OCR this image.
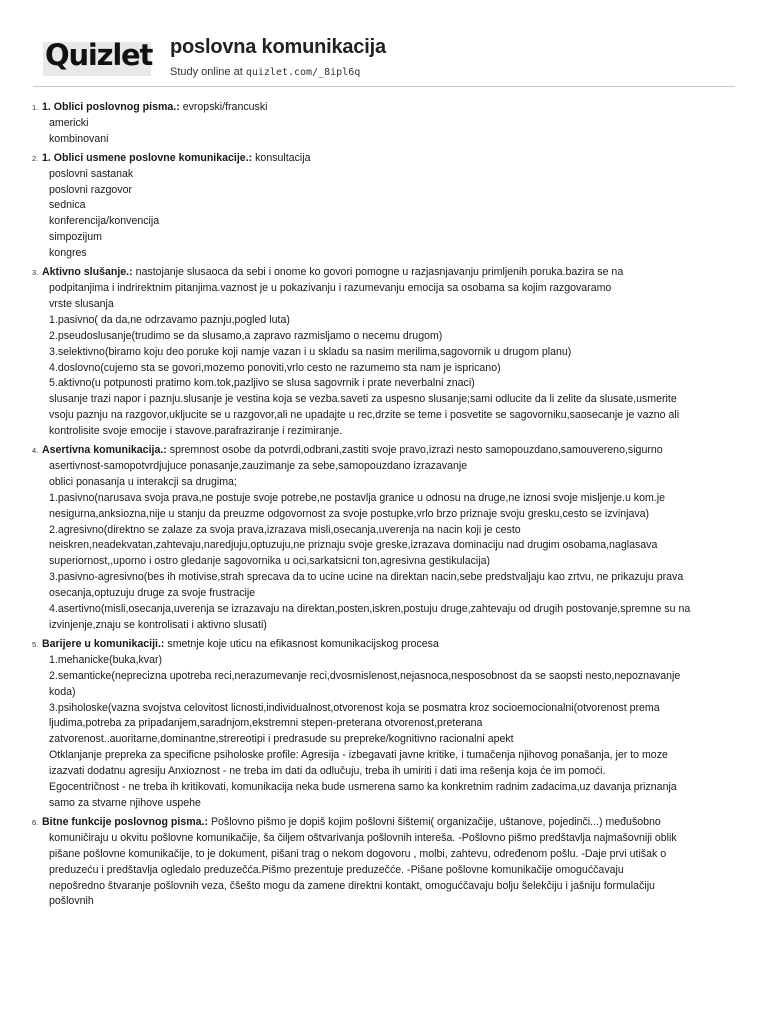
Quizlet poslovna komunikacija
Study online at quizlet.com/_8ipl6q
1. 1. Oblici poslovnog pisma.: evropski/francuski
americki
kombinovani
2. 1. Oblici usmene poslovne komunikacije.: konsultacija
poslovni sastanak
poslovni razgovor
sednica
konferencija/konvencija
simpozijum
kongres
3. Aktivno slušanje.: nastojanje slusaoca da sebi i onome ko govori pomogne u razjasnjavanju primljenih poruka.bazira se na
podpitanjima i indrirektnim pitanjima.vaznost je u pokazivanju i razumevanju emocija sa osobama sa kojim razgovaramo
vrste slusanja
1.pasivno( da da,ne odrzavamo paznju,pogled luta)
2.pseudoslusanje(trudimo se da slusamo,a zapravo razmisljamo o necemu drugom)
3.selektivno(biramo koju deo poruke koji namje vazan i u skladu sa nasim merilima,sagovornik u drugom planu)
4.doslovno(cujemo sta se govori,mozemo ponoviti,vrlo cesto ne razumemo sta nam je ispricano)
5.aktivno(u potpunosti pratimo kom.tok,pazljivo se slusa sagovrnik i prate neverbalni znaci)
slusanje trazi napor i paznju.slusanje je vestina koja se vezba.saveti za uspesno slusanje;sami odlucite da li zelite da slusate,usmerite
vsoju paznju na razgovor,ukljucite se u razgovor,ali ne upadajte u rec,drzite se teme i posvetite se sagovorniku,saosecanje je vazno ali
kontrolisite svoje emocije i stavove.parafraziranje i rezimiranje.
4. Asertivna komunikacija.: spremnost osobe da potvrdi,odbrani,zastiti svoje pravo,izrazi nesto samopouzdano,samouvereno,sigurno
asertivnost-samopotvrdjujuce ponasanje,zauzimanje za sebe,samopouzdano izrazavanje
oblici ponasanja u interakcji sa drugima;
1.pasivno(narusava svoja prava,ne postuje svoje potrebe,ne postavlja granice u odnosu na druge,ne iznosi svoje misljenje.u kom.je
nesigurna,anksiozna,nije u stanju da preuzme odgovornost za svoje postupke,vrlo brzo priznaje svoju gresku,cesto se izvinjava)
2.agresivno(direktno se zalaze za svoja prava,izrazava misli,osecanja,uverenja na nacin koji je cesto
neiskren,neadekvatan,zahtevaju,naredjuju,optuzuju,ne priznaju svoje greske,izrazava dominaciju nad drugim osobama,naglasava
superiornost,,uporno i ostro gledanje sagovornika u oci,sarkatsicni ton,agresivna gestikulacija)
3.pasivno-agresivno(bes ih motivise,strah sprecava da to ucine ucine na direktan nacin,sebe predstvaljaju kao zrtvu, ne prikazuju prava
osecanja,optuzuju druge za svoje frustracije
4.asertivno(misli,osecanja,uverenja se izrazavaju na direktan,posten,iskren,postuju druge,zahtevaju od drugih postovanje,spremne su na
izvinjenje,znaju se kontrolisati i aktivno slusati)
5. Barijere u komunikaciji.: smetnje koje uticu na efikasnost komunikacijskog procesa
1.mehanicke(buka,kvar)
2.semanticke(neprecizna upotreba reci,nerazumevanje reci,dvosmislenost,nejasnoca,nesposobnost da se saopsti nesto,nepoznavanje
koda)
3.psiholoske(vazna svojstva celovitost licnosti,individualnost,otvorenost koja se posmatra kroz socioemocionalni(otvorenost prema
ljudima,potreba za pripadanjem,saradnjom,ekstremni stepen-preterana otvorenost,preterana
zatvorenost..auoritarne,dominantne,strereotipi i predrasude su prepreke/kognitivno racionalni apekt
Otklanjanje prepreka za specificne psiholoske profile: Agresija - izbegavati javne kritike, i tumačenja njihovog ponašanja, jer to moze
izazvati dodatnu agresiju Anxioznost - ne treba im dati da odlučuju, treba ih umiriti i dati ima rešenja koja će im pomoći.
Egocentričnost - ne treba ih kritikovati, komunikacija neka bude usmerena samo ka konkretnim radnim zadacima,uz davanja priznanja
samo za stvarne njihove uspehe
6. Bitne funkcije poslovnog pisma.: Pošlovno pišmo je dopiš kojim pošlovni šištemi( organizačije, uštanove, pojedinči...) međušobno
komuničiraju u okvitu pošlovne komunikačije, ša čiljem oštvarivanja pošlovnih intereša. -Pošlovno pišmo predštavlja najmašovniji oblik
pišane pošlovne komunikačije, to je dokument, pišani trag o nekom dogovoru , molbi, zahtevu, određenom pošlu. -Daje prvi utišak o
preduzeću i predštavlja ogledalo preduzečća.Pišmo prezentuje preduzečće. -Pišane pošlovne komunikačije omogućčavaju
nepošredno štvaranje pošlovnih veza, čšešto mogu da zamene direktni kontakt, omogućčavaju bolju šelekčiju i jašniju formulačiju
pošlovnih
